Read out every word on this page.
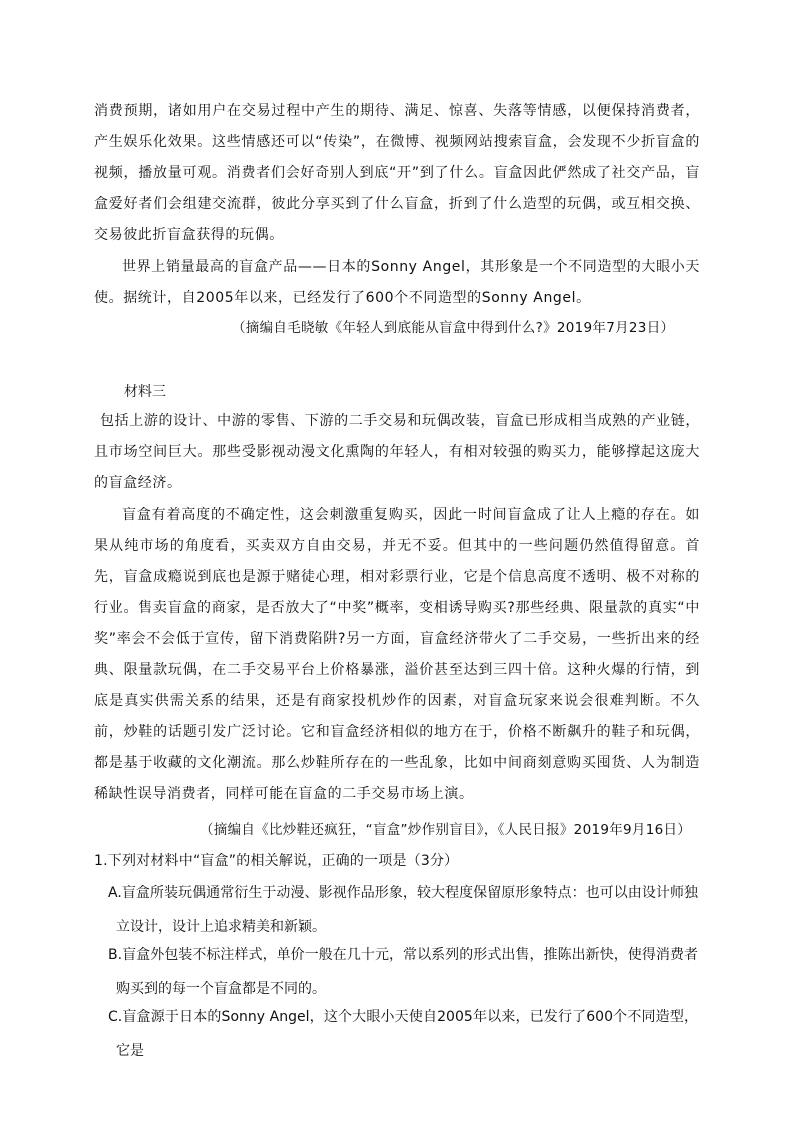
消费预期，诸如用户在交易过程中产生的期待、满足、惊喜、失落等情感，以便保持消费者，产生娱乐化效果。这些情感还可以“传染”，在微博、视频网站搜索盲盒，会发现不少折盲盒的视频，播放量可观。消费者们会好奇别人到底“开”到了什么。盲盒因此俨然成了社交产品，盲盒爱好者们会组建交流群，彼此分享买到了什么盲盒，折到了什么造型的玩偶，或互相交换、交易彼此折盲盒获得的玩偶。
世界上销量最高的盲盒产品——日本的Sonny Angel，其形象是一个不同造型的大眼小天使。据统计，自2005年以来，已经发行了600个不同造型的Sonny Angel。
（摘编自毛晓敏《年轻人到底能从盲盒中得到什么?》2019年7月23日）
材料三
包括上游的设计、中游的零售、下游的二手交易和玩偶改装，盲盒已形成相当成熟的产业链，且市场空间巨大。那些受影视动漫文化熏陶的年轻人，有相对较强的购买力，能够撑起这庞大的盲盒经济。
盲盒有着高度的不确定性，这会刺激重复购买，因此一时间盲盒成了让人上瘾的存在。如果从纯市场的角度看，买卖双方自由交易，并无不妥。但其中的一些问题仍然值得留意。首先，盲盒成瘾说到底也是源于赌徒心理，相对彩票行业，它是个信息高度不透明、极不对称的行业。售卖盲盒的商家，是否放大了“中奖”概率，变相诱导购买?那些经典、限量款的真实“中奖”率会不会低于宣传，留下消费陷阱?另一方面，盲盒经济带火了二手交易，一些折出来的经典、限量款玩偶，在二手交易平台上价格暴涨，溢价甚至达到三四十倍。这种火爆的行情，到底是真实供需关系的结果，还是有商家投机炒作的因素，对盲盒玩家来说会很难判断。不久前，炒鞋的话题引发广泛讨论。它和盲盒经济相似的地方在于，价格不断飙升的鞋子和玩偶，都是基于收藏的文化潮流。那么炒鞋所存在的一些乱象，比如中间商刻意购买囤货、人为制造稀缺性误导消费者，同样可能在盲盒的二手交易市场上演。
（摘编自《比炒鞋还疯狂，“盲盒”炒作别盲目》，《人民日报》2019年9月16日）
1.下列对材料中“盲盒”的相关解说，正确的一项是（3分）
A.盲盒所装玩偶通常衍生于动漫、影视作品形象，较大程度保留原形象特点：也可以由设计师独立设计，设计上追求精美和新颖。
B.盲盒外包装不标注样式，单价一般在几十元，常以系列的形式出售，推陈出新快，使得消费者购买到的每一个盲盒都是不同的。
C.盲盒源于日本的Sonny Angel，这个大眼小天使自2005年以来，已发行了600个不同造型，它是
